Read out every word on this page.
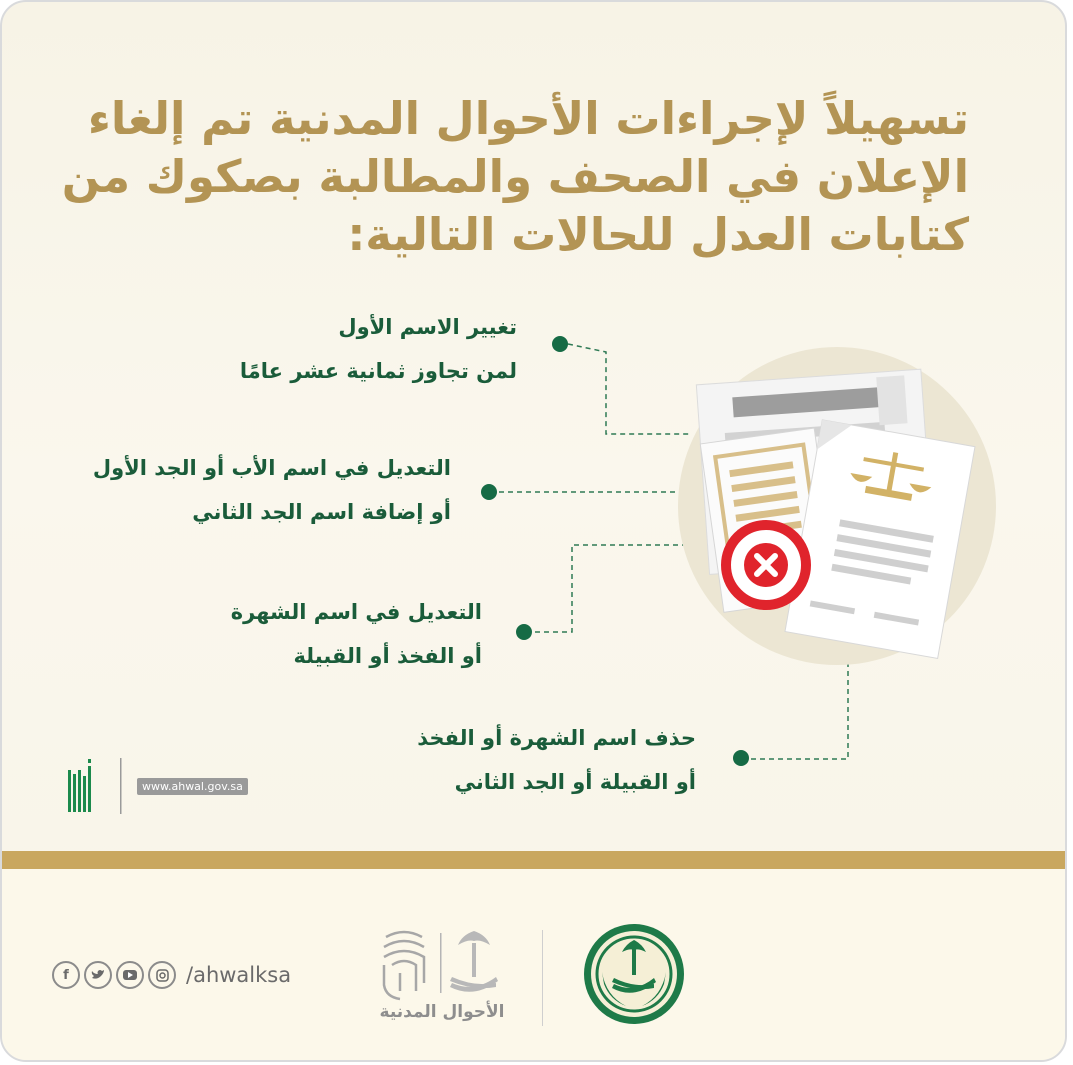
تسهيلاً لإجراءات الأحوال المدنية تم إلغاء
الإعلان في الصحف والمطالبة بصكوك من
كتابات العدل للحالات التالية:
تغيير الاسم الأول
لمن تجاوز ثمانية عشر عامًا
التعديل في اسم الأب أو الجد الأول
أو إضافة اسم الجد الثاني
التعديل في اسم الشهرة
أو الفخذ أو القبيلة
حذف اسم الشهرة أو الفخذ
أو القبيلة أو الجد الثاني
www.ahwal.gov.sa
f	/ahwalksa
الأحوال المدنية
